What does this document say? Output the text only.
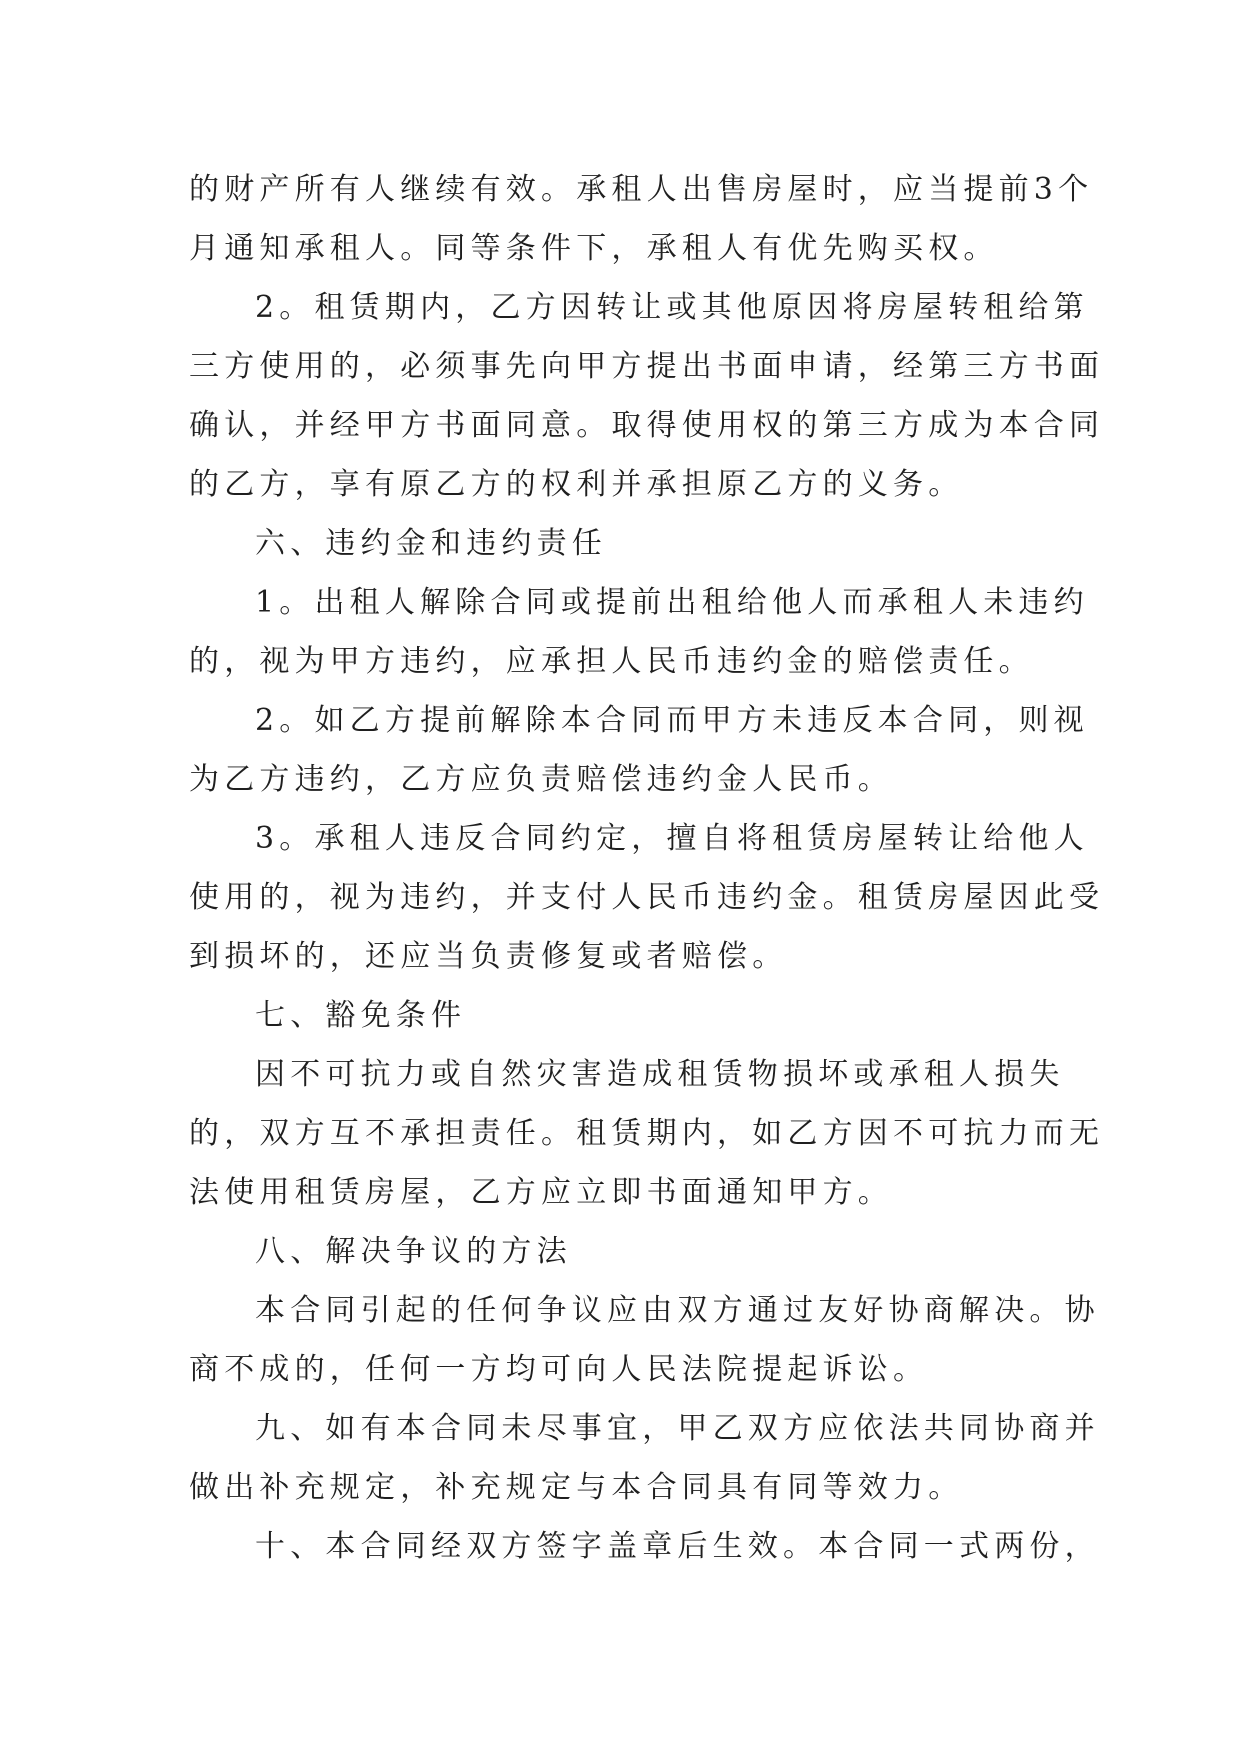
的财产所有人继续有效。承租人出售房屋时，应当提前3个
月通知承租人。同等条件下，承租人有优先购买权。
2。租赁期内，乙方因转让或其他原因将房屋转租给第
三方使用的，必须事先向甲方提出书面申请，经第三方书面
确认，并经甲方书面同意。取得使用权的第三方成为本合同
的乙方，享有原乙方的权利并承担原乙方的义务。
六、违约金和违约责任
1。出租人解除合同或提前出租给他人而承租人未违约
的，视为甲方违约，应承担人民币违约金的赔偿责任。
2。如乙方提前解除本合同而甲方未违反本合同，则视
为乙方违约，乙方应负责赔偿违约金人民币。
3。承租人违反合同约定，擅自将租赁房屋转让给他人
使用的，视为违约，并支付人民币违约金。租赁房屋因此受
到损坏的，还应当负责修复或者赔偿。
七、豁免条件
因不可抗力或自然灾害造成租赁物损坏或承租人损失
的，双方互不承担责任。租赁期内，如乙方因不可抗力而无
法使用租赁房屋，乙方应立即书面通知甲方。
八、解决争议的方法
本合同引起的任何争议应由双方通过友好协商解决。协
商不成的，任何一方均可向人民法院提起诉讼。
九、如有本合同未尽事宜，甲乙双方应依法共同协商并
做出补充规定，补充规定与本合同具有同等效力。
十、本合同经双方签字盖章后生效。本合同一式两份，
